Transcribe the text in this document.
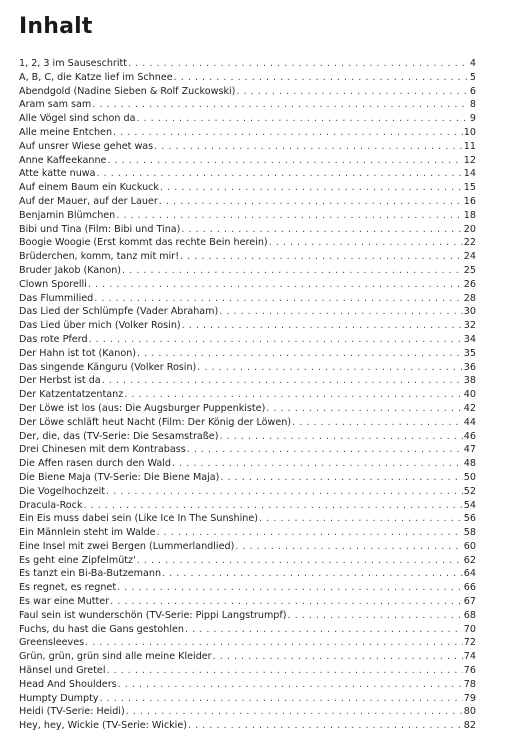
Inhalt
1, 2, 3 im Sauseschritt . . .	4
A, B, C, die Katze lief im Schnee . . .	5
Abendgold (Nadine Sieben & Rolf Zuckowski) . . .	6
Aram sam sam . . .	8
Alle Vögel sind schon da . . .	9
Alle meine Entchen . . .	10
Auf unsrer Wiese gehet was . . .	11
Anne Kaffeekanne . . .	12
Atte katte nuwa . . .	14
Auf einem Baum ein Kuckuck . . .	15
Auf der Mauer, auf der Lauer . . .	16
Benjamin Blümchen . . .	18
Bibi und Tina (Film: Bibi und Tina) . . .	20
Boogie Woogie (Erst kommt das rechte Bein herein) . . .	22
Brüderchen, komm, tanz mit mir! . . .	24
Bruder Jakob (Kanon) . . .	25
Clown Sporelli . . .	26
Das Flummilied . . .	28
Das Lied der Schlümpfe (Vader Abraham) . . .	30
Das Lied über mich (Volker Rosin) . . .	32
Das rote Pferd . . .	34
Der Hahn ist tot (Kanon) . . .	35
Das singende Känguru (Volker Rosin) . . .	36
Der Herbst ist da . . .	38
Der Katzentatzentanz . . .	40
Der Löwe ist los (aus: Die Augsburger Puppenkiste) . . .	42
Der Löwe schläft heut Nacht (Film: Der König der Löwen) . . .	44
Der, die, das (TV-Serie: Die Sesamstraße) . . .	46
Drei Chinesen mit dem Kontrabass . . .	47
Die Affen rasen durch den Wald . . .	48
Die Biene Maja (TV-Serie: Die Biene Maja) . . .	50
Die Vogelhochzeit . . .	52
Dracula-Rock . . .	54
Ein Eis muss dabei sein (Like Ice In The Sunshine) . . .	56
Ein Männlein steht im Walde . . .	58
Eine Insel mit zwei Bergen (Lummerlandlied) . . .	60
Es geht eine Zipfelmütz' . . .	62
Es tanzt ein Bi-Ba-Butzemann . . .	64
Es regnet, es regnet . . .	66
Es war eine Mutter . . .	67
Faul sein ist wunderschön (TV-Serie: Pippi Langstrumpf) . . .	68
Fuchs, du hast die Gans gestohlen . . .	70
Greensleeves . . .	72
Grün, grün, grün sind alle meine Kleider . . .	74
Hänsel und Gretel . . .	76
Head And Shoulders . . .	78
Humpty Dumpty . . .	79
Heidi (TV-Serie: Heidi) . . .	80
Hey, hey, Wickie (TV-Serie: Wickie) . . .	82
